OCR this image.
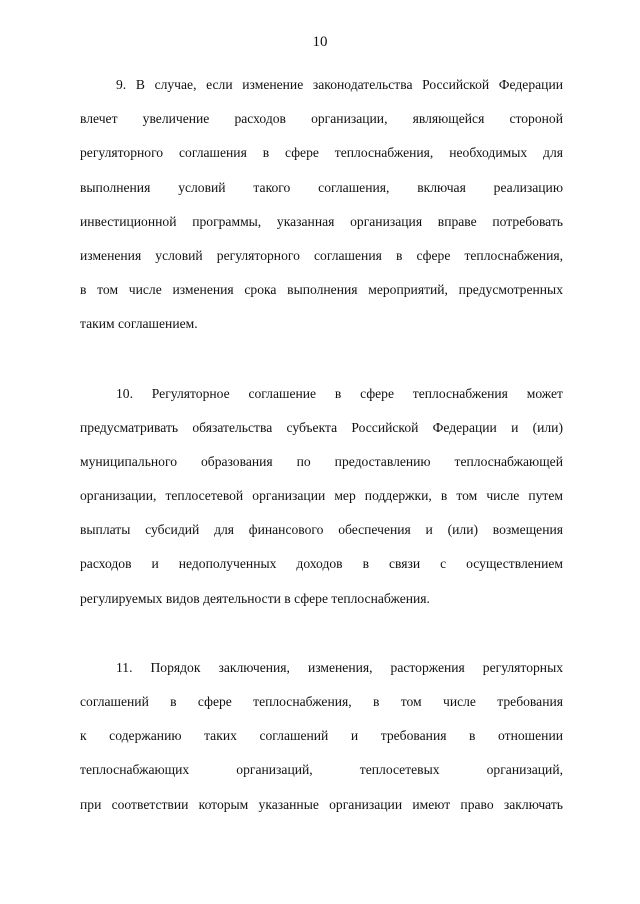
10
9. В случае, если изменение законодательства Российской Федерации
влечет увеличение расходов организации, являющейся стороной
регуляторного соглашения в сфере теплоснабжения, необходимых для
выполнения условий такого соглашения, включая реализацию
инвестиционной программы, указанная организация вправе потребовать
изменения условий регуляторного соглашения в сфере теплоснабжения,
в том числе изменения срока выполнения мероприятий, предусмотренных
таким соглашением.
10. Регуляторное соглашение в сфере теплоснабжения может
предусматривать обязательства субъекта Российской Федерации и (или)
муниципального образования по предоставлению теплоснабжающей
организации, теплосетевой организации мер поддержки, в том числе путем
выплаты субсидий для финансового обеспечения и (или) возмещения
расходов и недополученных доходов в связи с осуществлением
регулируемых видов деятельности в сфере теплоснабжения.
11. Порядок заключения, изменения, расторжения регуляторных
соглашений в сфере теплоснабжения, в том числе требования
к содержанию таких соглашений и требования в отношении
теплоснабжающих организаций, теплосетевых организаций,
при соответствии которым указанные организации имеют право заключать
